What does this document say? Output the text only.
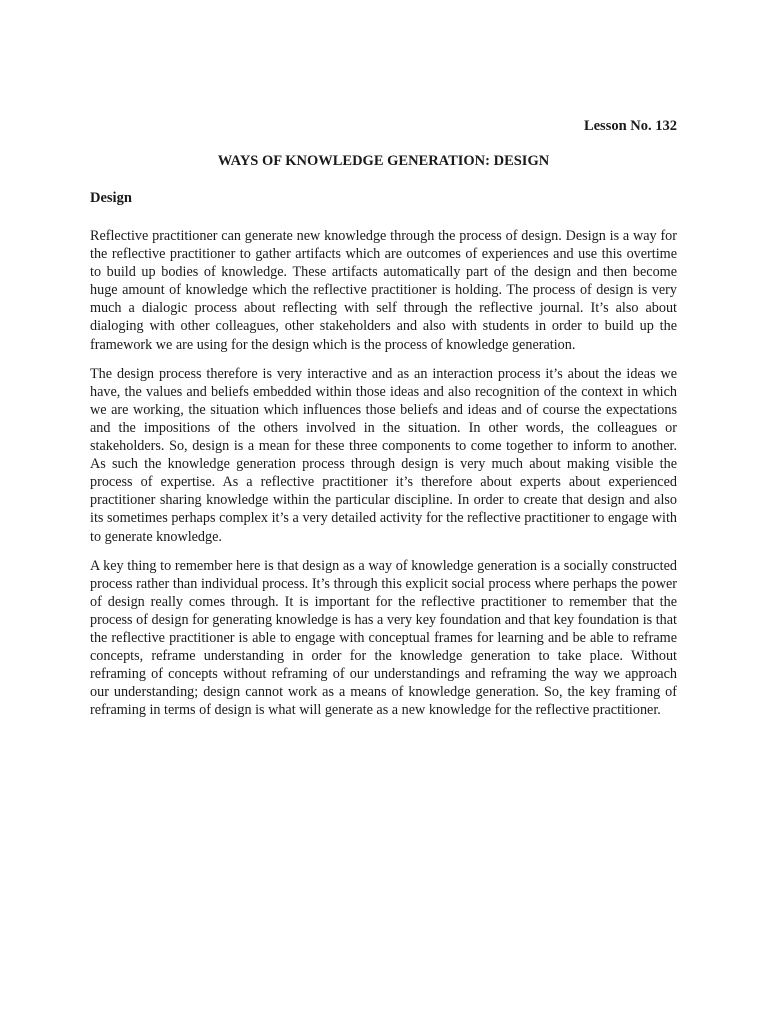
Lesson No. 132
WAYS OF KNOWLEDGE GENERATION: DESIGN
Design

Reflective practitioner can generate new knowledge through the process of design. Design is a way for the reflective practitioner to gather artifacts which are outcomes of experiences and use this overtime to build up bodies of knowledge. These artifacts automatically part of the design and then become huge amount of knowledge which the reflective practitioner is holding. The process of design is very much a dialogic process about reflecting with self through the reflective journal. It’s also about dialoging with other colleagues, other stakeholders and also with students in order to build up the framework we are using for the design which is the process of knowledge generation.

The design process therefore is very interactive and as an interaction process it’s about the ideas we have, the values and beliefs embedded within those ideas and also recognition of the context in which we are working, the situation which influences those beliefs and ideas and of course the expectations and the impositions of the others involved in the situation. In other words, the colleagues or stakeholders. So, design is a mean for these three components to come together to inform to another. As such the knowledge generation process through design is very much about making visible the process of expertise. As a reflective practitioner it’s therefore about experts about experienced practitioner sharing knowledge within the particular discipline. In order to create that design and also its sometimes perhaps complex it’s a very detailed activity for the reflective practitioner to engage with to generate knowledge.

A key thing to remember here is that design as a way of knowledge generation is a socially constructed process rather than individual process. It’s through this explicit social process where perhaps the power of design really comes through. It is important for the reflective practitioner to remember that the process of design for generating knowledge is has a very key foundation and that key foundation is that the reflective practitioner is able to engage with conceptual frames for learning and be able to reframe concepts, reframe understanding in order for the knowledge generation to take place. Without reframing of concepts without reframing of our understandings and reframing the way we approach our understanding; design cannot work as a means of knowledge generation. So, the key framing of reframing in terms of design is what will generate as a new knowledge for the reflective practitioner.
